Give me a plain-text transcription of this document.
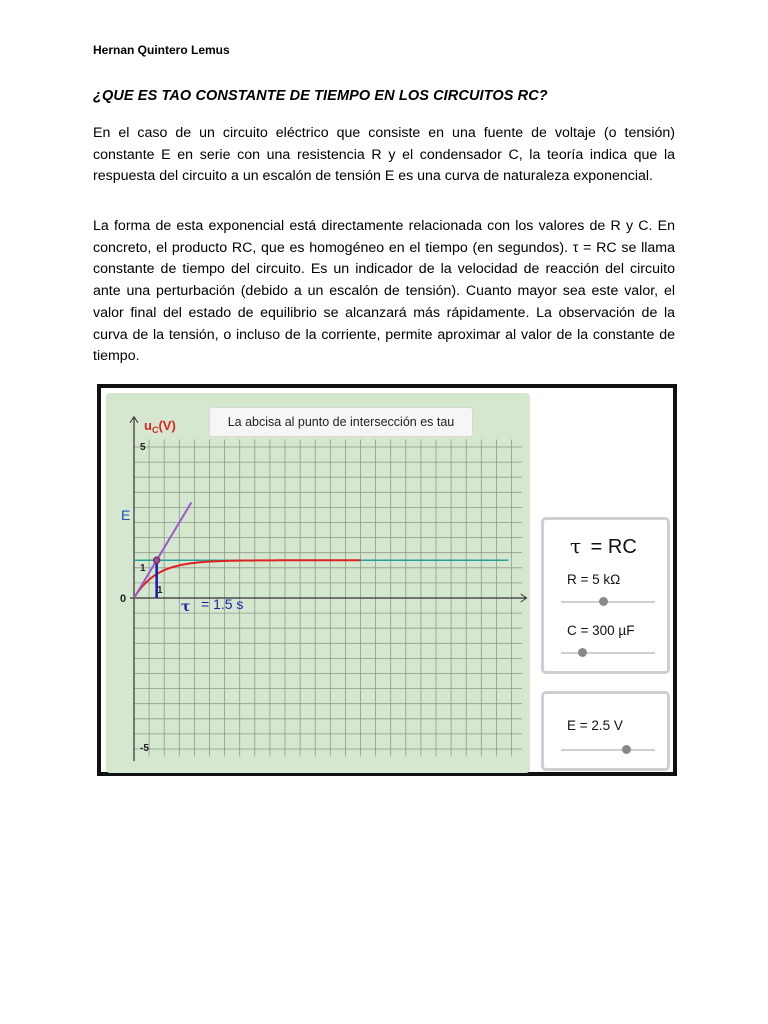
Hernan Quintero Lemus
¿QUE ES TAO CONSTANTE DE TIEMPO EN LOS CIRCUITOS RC?
En el caso de un circuito eléctrico que consiste en una fuente de voltaje (o tensión) constante E en serie con una resistencia R y el condensador C, la teoría indica que la respuesta del circuito a un escalón de tensión E es una curva de naturaleza exponencial.
La forma de esta exponencial está directamente relacionada con los valores de R y C. En concreto, el producto RC, que es homogéneo en el tiempo (en segundos). τ = RC se llama constante de tiempo del circuito. Es un indicador de la velocidad de reacción del circuito ante una perturbación (debido a un escalón de tensión). Cuanto mayor sea este valor, el valor final del estado de equilibrio se alcanzará más rápidamente. La observación de la curva de la tensión, o incluso de la corriente, permite aproximar al valor de la constante de tiempo.
$u_C(V)$
5
1
1
-5
0
E
τ = 1.5 s
La abcisa al punto de intersección es tau
τ = RC
R = 5 kΩ
C = 300 µF
E = 2.5 V
